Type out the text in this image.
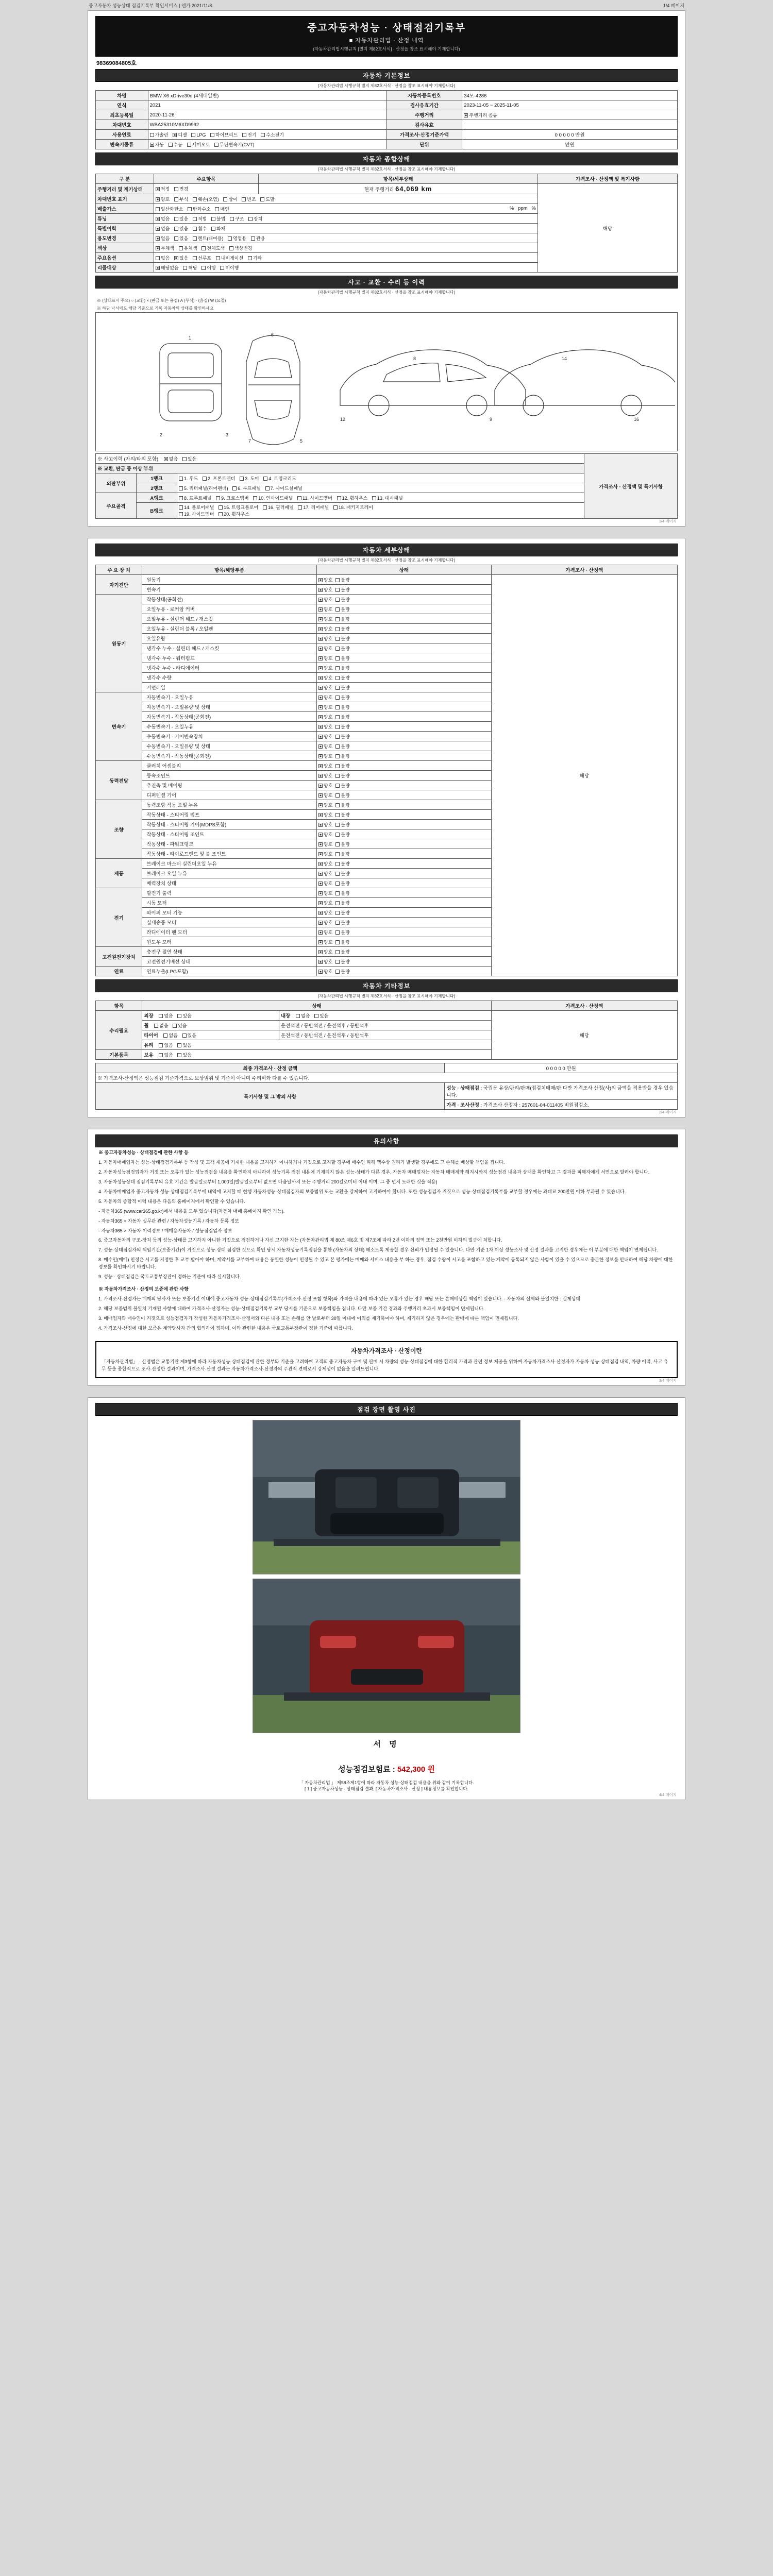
중고자동차 성능상태 점검기록부 확인서비스 | 엔카 2021/11/8.	1/4 페이지
중고자동차성능 · 상태점검기록부
■ 자동차관리법 · 산정 내역
(자동차관리법시행규칙 [별지 제82호서식] · 산정을 참조 표시해야 기재합니다)
98369084805호
자동차 기본정보
(자동차관리법 시행규칙 별지 제82호서식 · 산정을 참조 표시해야 기재합니다)
차명	BMW X6 xDrive30d (4세대일반)	자동차등록번호	34모-4286
연식	2021	검사유효기간	2023-11-05 ~ 2025-11-05
최초등록일	2020-11-26	주행거리	주행거리 종류
차대번호	WBA25310M6XD9992	검사유효	
사용연료	가솔린 디젤 LPG 하이브리드 전기 수소전기	가격조사·산정기준가액	0 0 0 0 0 만원
변속기종류	자동 수동 세미오토 무단변속기(CVT)	단위	만원
자동차 종합상태
(자동차관리법 시행규칙 별지 제82호서식 · 산정을 참조 표시해야 기재합니다)
구 분	주요항목	항목/세부상태	가격조사 · 산정액 및 특기사항
주행거리 및 계기상태	적정 변경	현재 주행거리 64,069 km	해당
차대번호 표기	양호 부식 훼손(오염) 상이 변조 도말		
배출가스	일산화탄소 탄화수소 매연 %   ppm   %		

튜닝	없음 있음 적법 불법 구조 장치		
특별이력	없음 있음 침수 화재		
용도변경	없음 있음 렌트(대여용) 영업용 관용		
색상	무채색 유채색 전체도색 색상변경		
주요옵션	없음 있음 선루프 내비게이션 기타		
리콜대상	해당없음 해당 이행 미이행		
사고 · 교환 · 수리 등 이력
(자동차관리법 시행규칙 별지 제82호서식 · 산정을 참조 표시해야 기재합니다)
※ (상태표시 주요) ○ (교환) × (판금 또는 용접) A (부식) · (흠집) W (요철)
※ 하단 낙서에도 해당 기준으로 기록 자동차의 상태를 확인하세요
1
2	3
6
7	5
12
8
9
14
16
※ 사고이력 (자의/타의 포함) 없음 있음			가격조사 · 산정액 및 특기사항
※ 교환, 판금 등 이상 부위			
외판부위	1랭크	1. 후드 2. 프론트펜더 3. 도어 4. 트렁크리드	
	2랭크	5. 쿼터패널(리어펜더) 6. 루프패널 7. 사이드실패널	
주요골격	A랭크	8. 프론트패널 9. 크로스멤버 10. 인사이드패널 11. 사이드멤버 12. 휠하우스 13. 대시패널	
	B랭크	14. 플로어패널 15. 트렁크플로어 16. 필러패널 17. 리어패널 18. 패키지트레이
19. 사이드멤버 20. 휠하우스	
1/4 페이지
자동차 세부상태
(자동차관리법 시행규칙 별지 제82호서식 · 산정을 참조 표시해야 기재합니다)
주 요 장 치	항목/해당부품	상태	가격조사 · 산정액
자기진단	원동기	양호 불량	해당
	변속기	양호 불량	
원동기	작동상태(공회전)	양호 불량	
	오일누유 - 로커암 커버	양호 불량	
	오일누유 - 실린더 헤드 / 개스킷	양호 불량	
	오일누유 - 실린더 블록 / 오일팬	양호 불량	
	오일유량	양호 불량	
	냉각수 누수 - 실린더 헤드 / 개스킷	양호 불량	
	냉각수 누수 - 워터펌프	양호 불량	
	냉각수 누수 - 라디에이터	양호 불량	
	냉각수 수량	양호 불량	
	커먼레일	양호 불량	
변속기	자동변속기 - 오일누유	양호 불량	
	자동변속기 - 오일유량 및 상태	양호 불량	
	자동변속기 - 작동상태(공회전)	양호 불량	
	수동변속기 - 오일누유	양호 불량	
	수동변속기 - 기어변속장치	양호 불량	
	수동변속기 - 오일유량 및 상태	양호 불량	
	수동변속기 - 작동상태(공회전)	양호 불량	
동력전달	클러치 어셈블리	양호 불량	
	등속조인트	양호 불량	
	추진축 및 베어링	양호 불량	
	디퍼렌셜 기어	양호 불량	
조향	동력조향 작동 오일 누유	양호 불량	
	작동상태 - 스티어링 펌프	양호 불량	
	작동상태 - 스티어링 기어(MDPS포함)	양호 불량	
	작동상태 - 스티어링 조인트	양호 불량	
	작동상태 - 파워크랭크	양호 불량	
	작동상태 - 타이로드엔드 및 볼 조인트	양호 불량	
제동	브레이크 마스터 실린더오일 누유	양호 불량	
	브레이크 오일 누유	양호 불량	
	배력장치 상태	양호 불량	
전기	발전기 출력	양호 불량	
	시동 모터	양호 불량	
	와이퍼 모터 기능	양호 불량	
	실내송풍 모터	양호 불량	
	라디에이터 팬 모터	양호 불량	
	윈도우 모터	양호 불량	
고전원전기장치	충전구 절연 상태	양호 불량	
	고전원전기배선 상태	양호 불량	
연료	연료누출(LPG포함)	양호 불량	
자동차 기타정보
(자동차관리법 시행규칙 별지 제82호서식 · 산정을 참조 표시해야 기재합니다)
항목	상태		가격조사 · 산정액
수리필요	외장 없음 있음	내장 없음 있음	해당
	휠 없음 있음	운전석전 / 동반석전 / 운전석후 / 동반석후	
	타이어 없음 있음	운전석전 / 동반석전 / 운전석후 / 동반석후	
	유리 없음 있음		
기본품목	보유 없음 있음		
최종 가격조사 · 산정 금액	0 0 0 0 0 만원
※ 가격조사·산정액은 성능점검 기준가격으로 보상범위 및 기준이 아니며 수리비와 다를 수 있습니다.	
특기사항 및 그 밖의 사항	성능 · 상태점검 : 국립문 유상/관리/판매(점검치매매/판 다만 가격조사 산정(사)의 금액을 적용받을 경우 있습니다.
	가격 · 조사산정 : 가격조사 산정자 : 257601-04-011405 비원점검소.
2/4 페이지
유의사항

※ 중고자동차성능 · 상태점검에 관한 사항 등

1. 자동차매매업자는 성능·상태점검기록부 등 작성 및 고객 제공에 기재한 내용을 고지하기 아니하거나 거짓으로 고지할 경우에 매수인 피해 액수상 권리가 발생할 경우에도 그 손해를 배상할 책임을 집니다.

2. 자동차성능점검업자가 거짓 또는 오류가 있는 성능점검을 내용을 확인하지 아니하여 성능기록 점검 내용에 기재되지 않은 성능·상태가 다른 경우, 자동차 매매업자는 자동차 매매계약 해지시까지 성능점검 내용과 상태를 확인하고 그 결과를 피해자에게 서면으로 알려야 합니다.

3. 자동차성능상태 점검기록부의 유효 기간은 발급일로부터 1,000일(발급일로부터 없으면 다음달까지 또는 주행거리 200킬로미터 이내 이며, 그 중 먼저 도래한 것을 적용)

4. 자동차매매업자 중고자동차 성능·상태점검기록부에 내역에 고지할 때 현행 자동차성능·상태점검자의 보증범위 또는 교환을 강제하여 고지하여야 합니다. 또한 성능점검자 거짓으로 성능·상태점검기록부를 교부할 경우에는 과태료 200만원 이하 부과될 수 있습니다.

5. 자동차의 종합적 이력 내용은 다음의 홈페이지에서 확인할 수 있습니다.

- 자동차365 (www.car365.go.kr)에서 내용을 모두 있습니다(자동차 매매 홈페이지 확인 가능).

- 자동차365 > 자동차 실무관 관련 / 자동차성능기록 / 자동차 등록 정보

- 자동차365 > 자동차 이력정보 / 매매용자동차 / 성능점검업자 정보

6. 중고자동차의 구조·장치 등의 성능·상태를 고지하지 아니한 거짓으로 점검하거나 자신 고지한 자는 (자동차관리법 제 80조 제6호 및 제7조에 따라 2년 이하의 징역 또는 2천만원 이하의 벌금에 처합니다.

7. 성능·상태점검자의 책임기간(보증기간)이 거짓으로 성능·상태 점검한 것으로 확인 당시 자동차성능기록점검을 통한 (자동차의 상태) 해소도록 제공할 경우 신뢰가 인정될 수 있습니다. 다만 기준 1차 이상 성능조사 및 산정 결과를 고지한 경우에는 이 부분에 대한 책임이 면제됩니다.

8. 매수인(매매) 인정은 시고를 지정한 후 교부 받아야 하며, 계약서를 교부하여 내용은 동일한 성능이 인정될 수 있고 본 평가에는 매매와 서비스 내용을 부 하는 경우, 점검 수량이 시고를 포함하고 있는 계약에 등록되지 않은 사항이 있을 수 있으므로 충분한 정보를 안내하여 해당 차량에 대한 정보를 확인하시기 바랍니다.

9. 성능 · 상태점검은 국토교통부장관이 정하는 기준에 따라 실시합니다.

※ 자동차가격조사 · 산정의 보증에 관한 사항

1. 가격조사·산정자는 매매의 당사자 또는 보증기간 이내에 중고자동차 성능·상태점검기록부(가격조사·산정 포함 항목)와 가격을 내용에 따라 있는 오류가 있는 경우 해당 또는 손해배상할 책임이 있습니다. - 자동차의 실제와 불일치한 : 실제상태

2. 해당 보증범위 불일치 기재된 사항에 대하여 가격조사·산정자는 성능·상태점검기록부 교부 당시를 기준으로 보증책임을 집니다. 다만 보증 기간 경과와 주행거리 초과시 보증책임이 면제됩니다.

3. 매매업자와 매수인이 거짓으로 성능점검자가 작성한 자동차가격조사·산정서와 다른 내용 또는 손해를 안 날로부터 30일 이내에 이의를 제기하여야 하며, 제기하지 않은 경우에는 판매에 따른 책임이 면제됩니다.

4. 가격조사·산정에 대한 보증은 계약당사자 간의 협의하여 정하며, 이와 관련한 내용은 국토교통부장관이 정한 기준에 따릅니다.

자동차가격조사 · 산정이란
「자동차관리법」 · 산정법은 교통기관 제3항에 따라 자동차성능·상태점검에 관한 정부와 기준을 고려하여 고객의 중고자동차 구매 및 판매 시 차량의 성능·상태점검에 대한 합리적 가격과 관련 정보 제공을 위하여 자동차가격조사·산정자가 자동차 성능·상태점검 내역, 차량 이력, 사고 유무 등을 종합적으로 조사·산정한 결과이며, 가격조사·산정 결과는 자동차가격조사·산정자의 주관적 견해로서 강제성이 없음을 알려드립니다.
3/4 페이지
점검 장면 촬영 사진
서 명
성능점검보험료 : 542,300 원
「 자동차관리법 」 제58조제1항에 따라 자동차 성능·상태점검 내용을 위와 같이 기록합니다.
[ 1 ] 중고자동차성능 · 상태점검 결과, [ 자동차가격조사 · 산정 ] 내용정보를 확인합니다.
4/4 페이지
